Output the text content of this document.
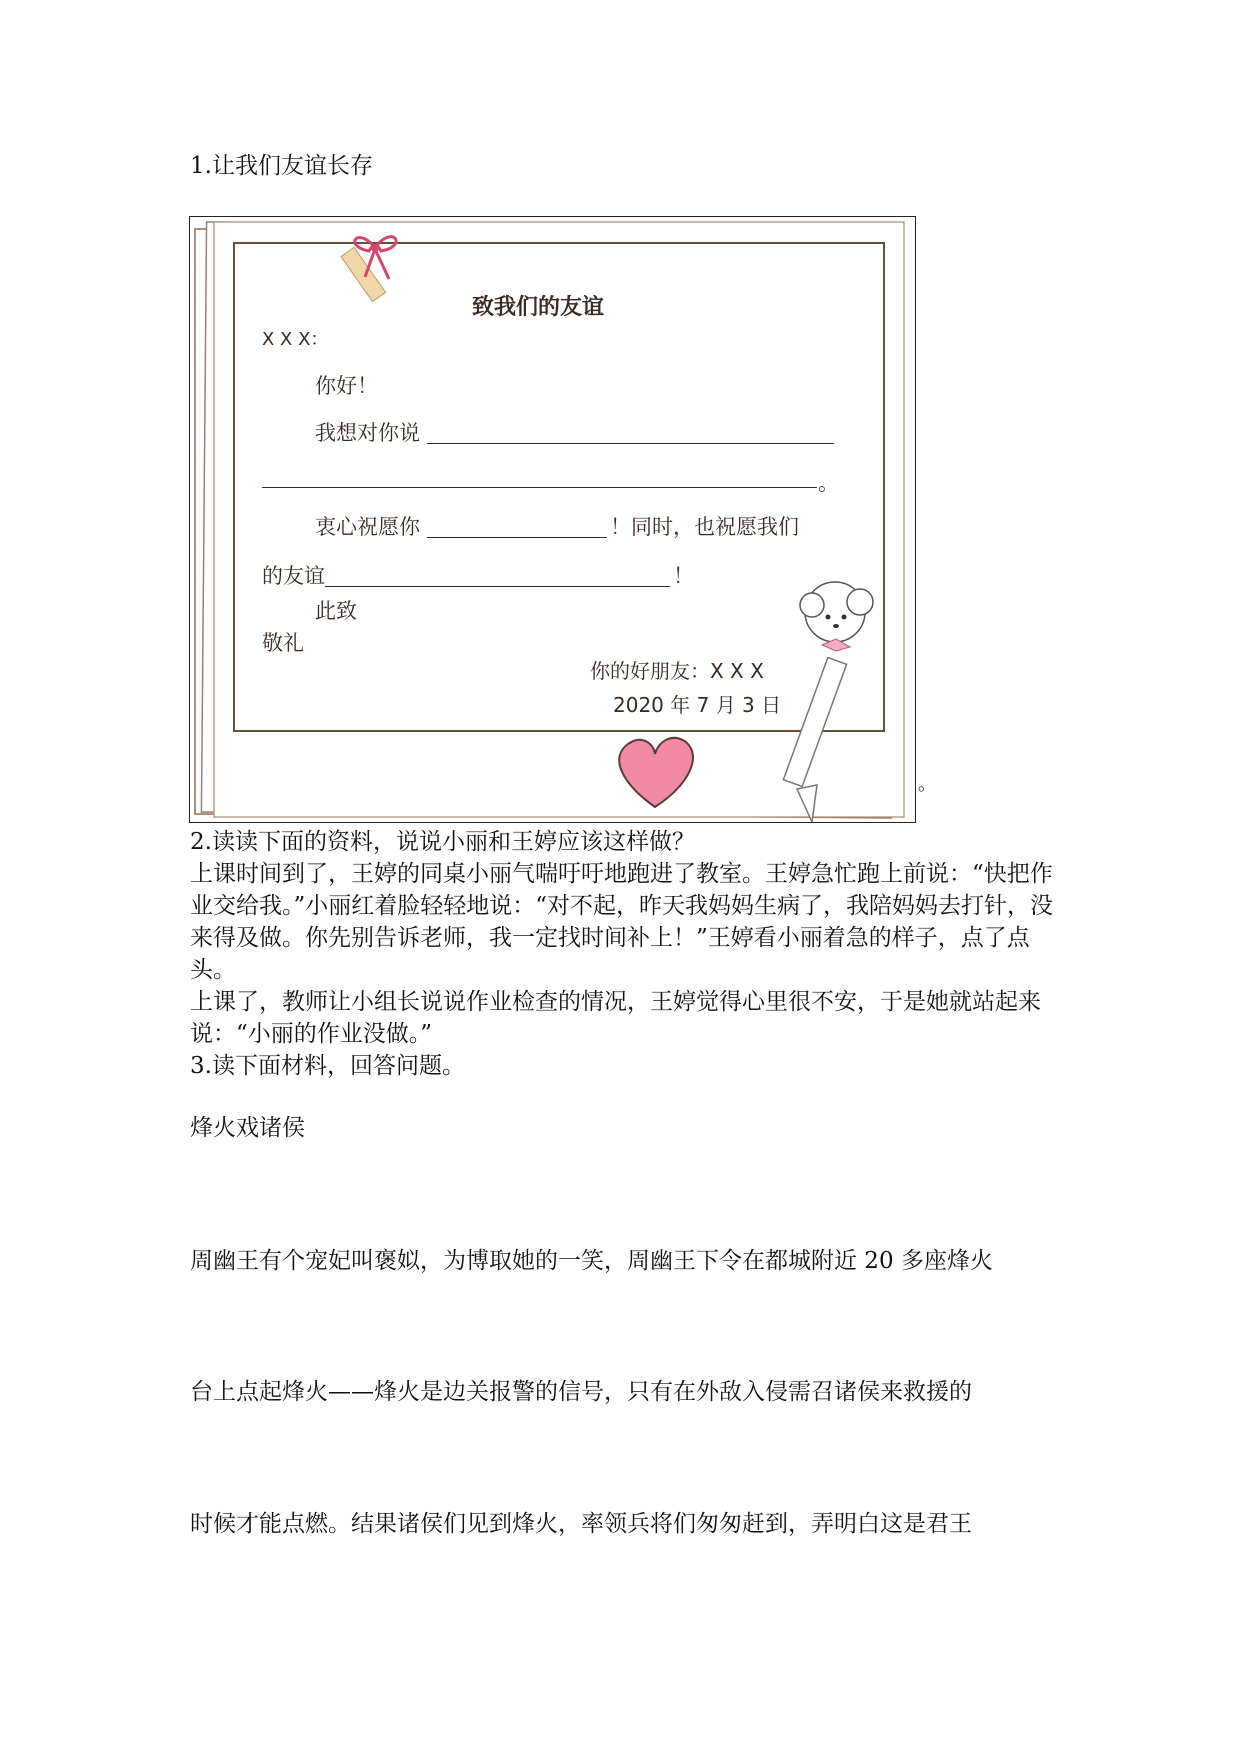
1.让我们友谊长存
致我们的友谊
X X X：
你好！
我想对你说
。
衷心祝愿你	！同时，也祝愿我们
的友谊	！
此致
敬礼
你的好朋友：X X X
2020 年 7 月 3 日
。
2.读读下面的资料，说说小丽和王婷应该这样做？
上课时间到了，王婷的同桌小丽气喘吁吁地跑进了教室。王婷急忙跑上前说：“快把作业交给我。”小丽红着脸轻轻地说：“对不起，昨天我妈妈生病了，我陪妈妈去打针，没来得及做。你先别告诉老师，我一定找时间补上！”王婷看小丽着急的样子，点了点头。
上课了，教师让小组长说说作业检查的情况，王婷觉得心里很不安，于是她就站起来说：“小丽的作业没做。”
3.读下面材料，回答问题。
烽火戏诸侯
周幽王有个宠妃叫褒姒，为博取她的一笑，周幽王下令在都城附近 20 多座烽火
台上点起烽火——烽火是边关报警的信号，只有在外敌入侵需召诸侯来救援的
时候才能点燃。结果诸侯们见到烽火，率领兵将们匆匆赶到，弄明白这是君王
